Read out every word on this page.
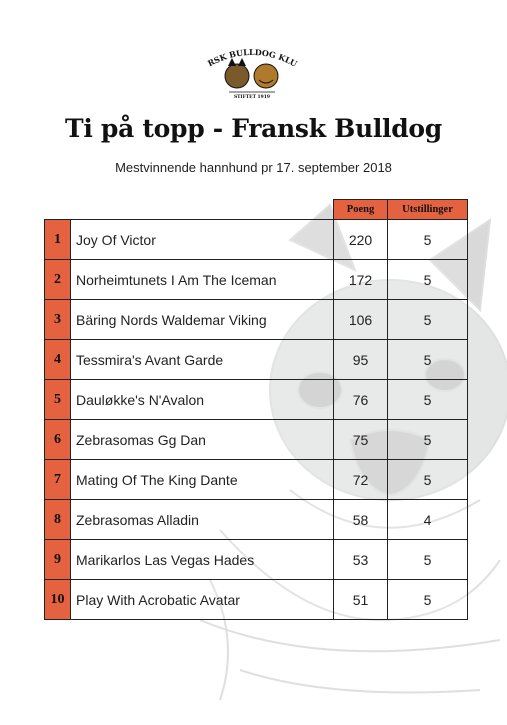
RSK BULLDOG KLU
STIFTET 1919
Ti på topp - Fransk Bulldog
Mestvinnende hannhund pr 17. september 2018
		Poeng	Utstillinger
1	Joy Of Victor	220	5
2	Norheimtunets I Am The Iceman	172	5
3	Bäring Nords Waldemar Viking	106	5
4	Tessmira's Avant Garde	95	5
5	Dauløkke's N'Avalon	76	5
6	Zebrasomas Gg Dan	75	5
7	Mating Of The King Dante	72	5
8	Zebrasomas Alladin	58	4
9	Marikarlos Las Vegas Hades	53	5
10	Play With Acrobatic Avatar	51	5
